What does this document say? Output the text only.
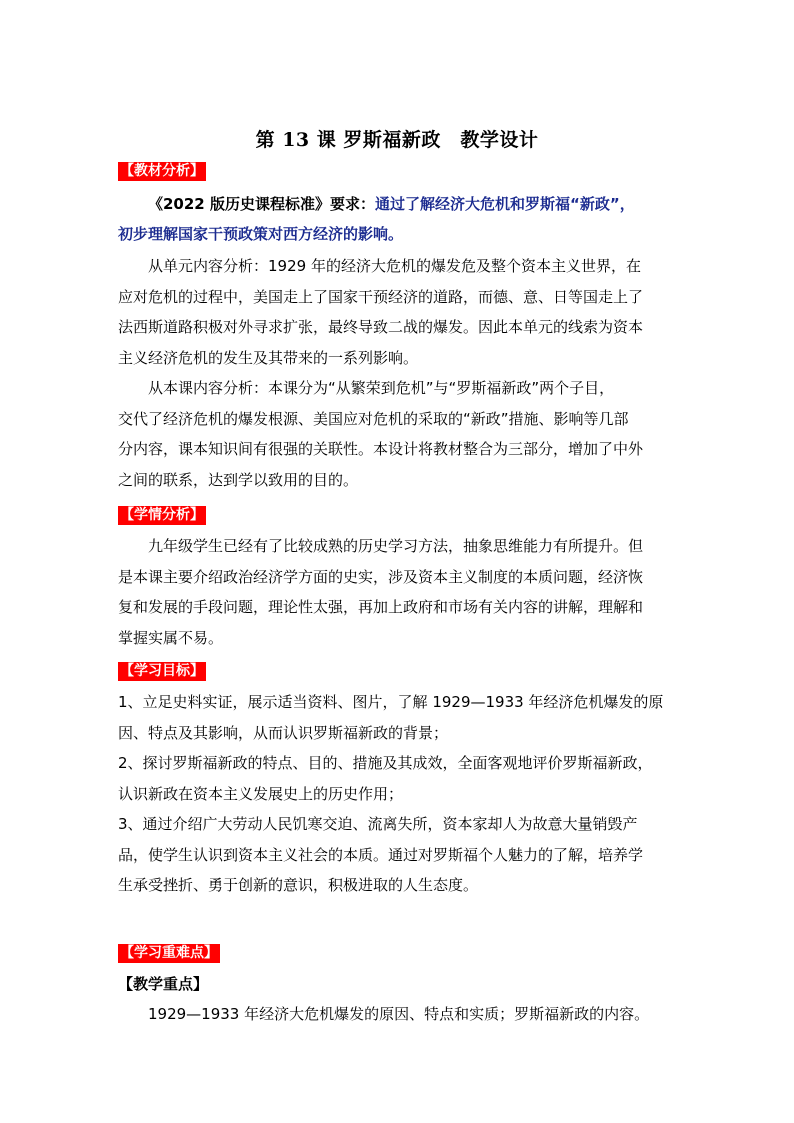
第 13 课 罗斯福新政　教学设计
【教材分析】
《2022 版历史课程标准》要求：通过了解经济大危机和罗斯福“新政”，
初步理解国家干预政策对西方经济的影响。
从单元内容分析：1929 年的经济大危机的爆发危及整个资本主义世界，在
应对危机的过程中，美国走上了国家干预经济的道路，而德、意、日等国走上了
法西斯道路积极对外寻求扩张，最终导致二战的爆发。因此本单元的线索为资本
主义经济危机的发生及其带来的一系列影响。
从本课内容分析：本课分为“从繁荣到危机”与“罗斯福新政”两个子目，
交代了经济危机的爆发根源、美国应对危机的采取的“新政”措施、影响等几部
分内容，课本知识间有很强的关联性。本设计将教材整合为三部分，增加了中外
之间的联系，达到学以致用的目的。
【学情分析】
九年级学生已经有了比较成熟的历史学习方法，抽象思维能力有所提升。但
是本课主要介绍政治经济学方面的史实，涉及资本主义制度的本质问题，经济恢
复和发展的手段问题，理论性太强，再加上政府和市场有关内容的讲解，理解和
掌握实属不易。
【学习目标】
1、立足史料实证，展示适当资料、图片，了解 1929—1933 年经济危机爆发的原
因、特点及其影响，从而认识罗斯福新政的背景；
2、探讨罗斯福新政的特点、目的、措施及其成效，全面客观地评价罗斯福新政，
认识新政在资本主义发展史上的历史作用；
3、通过介绍广大劳动人民饥寒交迫、流离失所，资本家却人为故意大量销毁产
品，使学生认识到资本主义社会的本质。通过对罗斯福个人魅力的了解，培养学
生承受挫折、勇于创新的意识，积极进取的人生态度。
【学习重难点】
【教学重点】
1929—1933 年经济大危机爆发的原因、特点和实质；罗斯福新政的内容。
